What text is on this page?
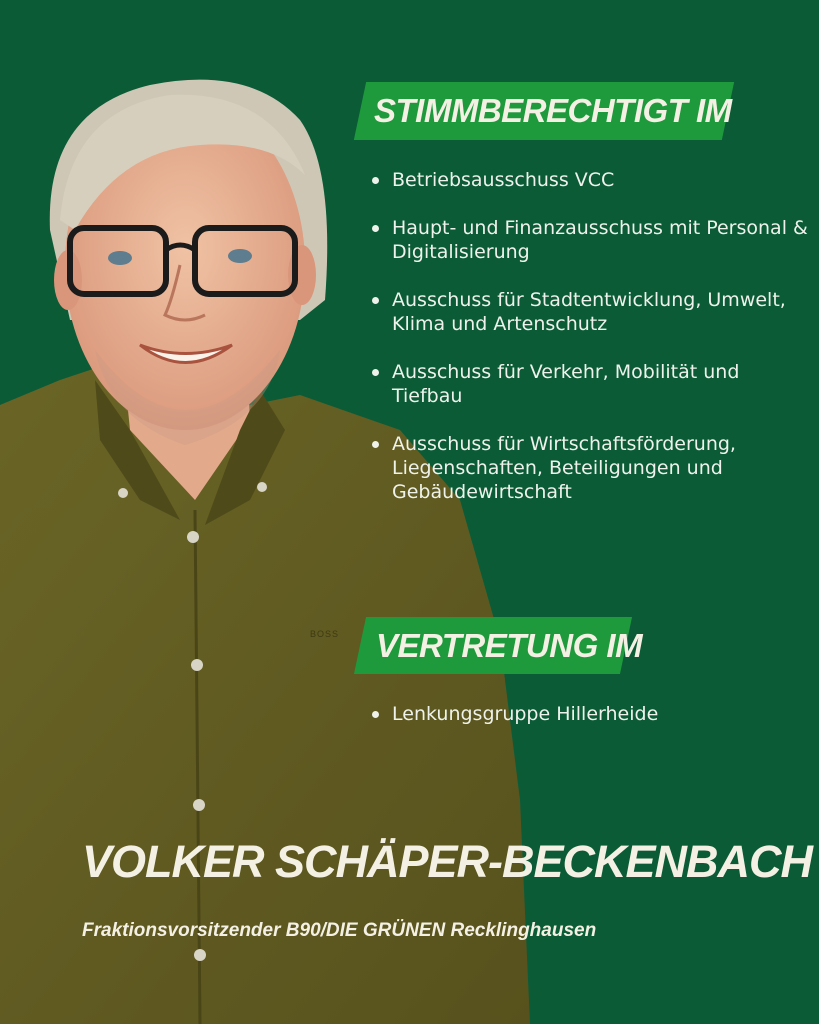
BOSS
STIMMBERECHTIGT IM
Betriebsausschuss VCC
Haupt- und Finanzausschuss mit Personal & Digitalisierung
Ausschuss für Stadtentwicklung, Umwelt, Klima und Artenschutz
Ausschuss für Verkehr, Mobilität und Tiefbau
Ausschuss für Wirtschaftsförderung, Liegenschaften, Beteiligungen und Gebäudewirtschaft
VERTRETUNG IM
Lenkungsgruppe Hillerheide
VOLKER SCHÄPER-BECKENBACH
Fraktionsvorsitzender B90/DIE GRÜNEN Recklinghausen
